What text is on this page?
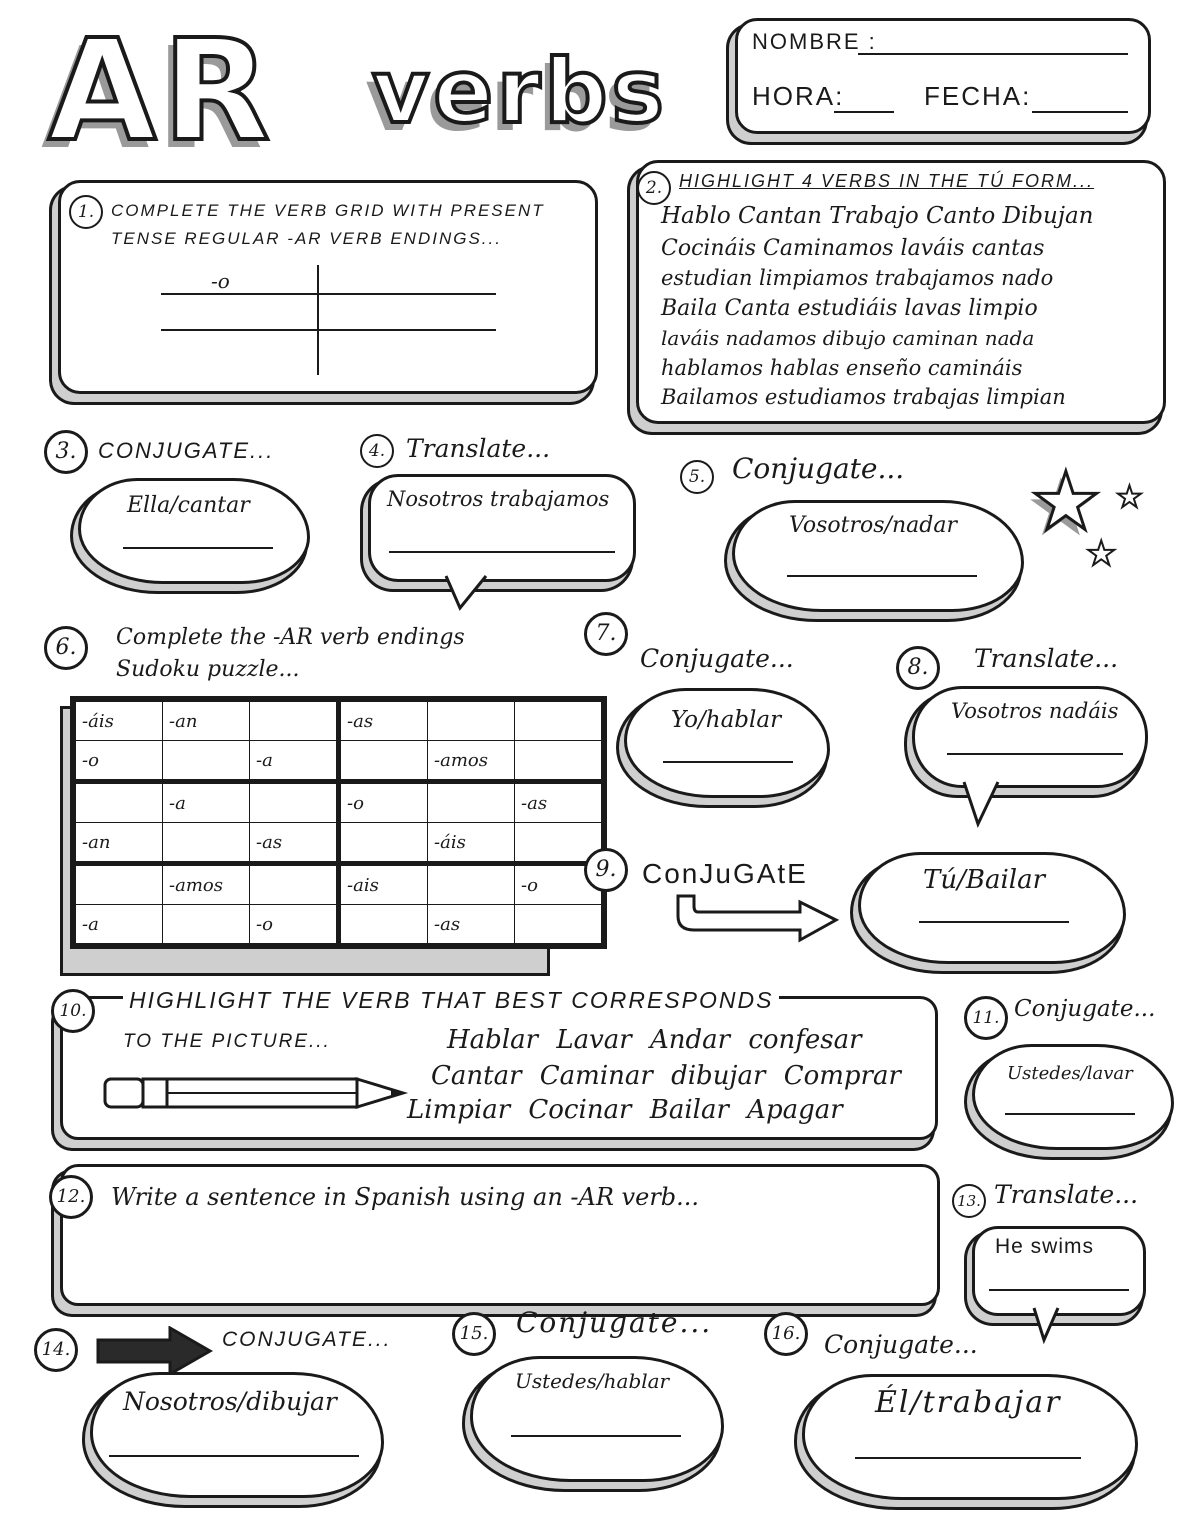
AR verbs	NOMBRE :
HORA:	FECHA:
1. COMPLETE THE VERB GRID WITH PRESENT TENSE REGULAR -AR VERB ENDINGS...
-o
2. HIGHLIGHT 4 VERBS IN THE TÚ FORM...
Hablo Cantan Trabajo Canto Dibujan
Cocináis Caminamos laváis cantas
estudian limpiamos trabajamos nado
Baila Canta estudiáis lavas limpio
laváis nadamos dibujo caminan nada
hablamos hablas enseño camináis
Bailamos estudiamos trabajas limpian
3. CONJUGATE...
Ella/cantar
4. Translate...
Nosotros trabajamos
5. Conjugate...
Vosotros/nadar ★ ★
★
6.	Complete the -AR verb endings Sudoku puzzle...
-áis	-an		-as		
-o		-a		-amos	
	-a		-o		-as
-an		-as		-áis	
	-amos		-ais		-o
-a		-o		-as	
7.
Conjugate...
Yo/hablar
8.	Translate...
Vosotros nadáis
9. ConJuGAtE	Tú/Bailar
10.	HIGHLIGHT THE VERB THAT BEST CORRESPONDS
TO THE PICTURE...	Hablar Lavar Andar confesar
Cantar Caminar dibujar Comprar
Limpiar Cocinar Bailar Apagar
11. Conjugate...
Ustedes/lavar
12.	Write a sentence in Spanish using an -AR verb...	13. Translate...
He swims
14.	CONJUGATE...
Nosotros/dibujar
15. Conjugate...
Ustedes/hablar
16. Conjugate...
Él/trabajar
